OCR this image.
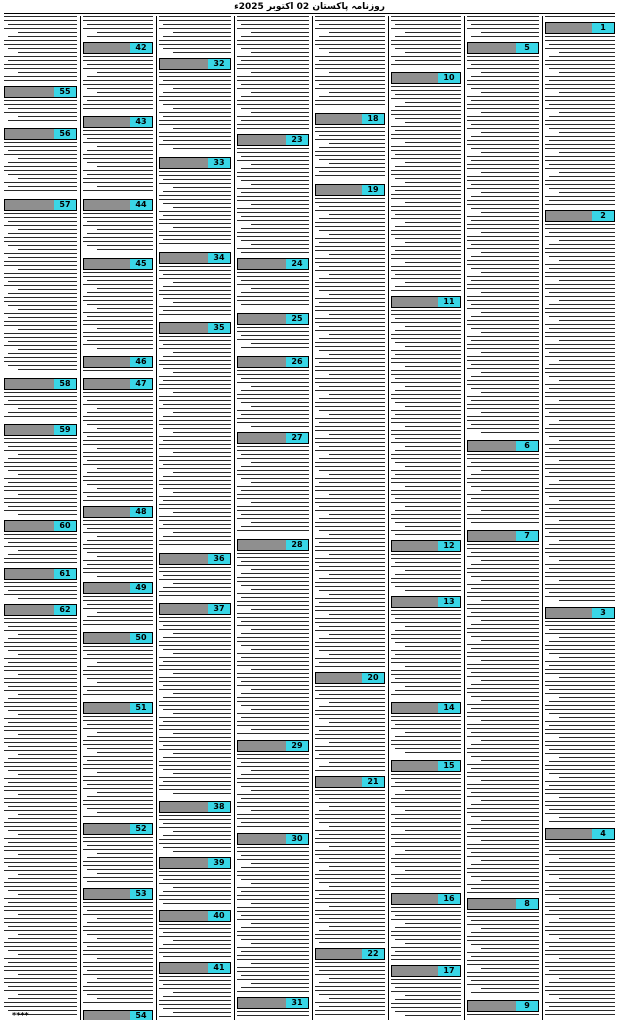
روزنامہ پاکستان 02 اکتوبر 2025ء
1
2
3
4
5
6
7
8
9
10
11
12
13
14
15
16
17
18
19
20
21
22
23
24
25
26
27
28
29
30
31
32
33
34
35
36
37
38
39
40
41
42
43
44
45
46
47
48
49
50
51
52
53
54
55
56
57
58
59
60
61
62
****
